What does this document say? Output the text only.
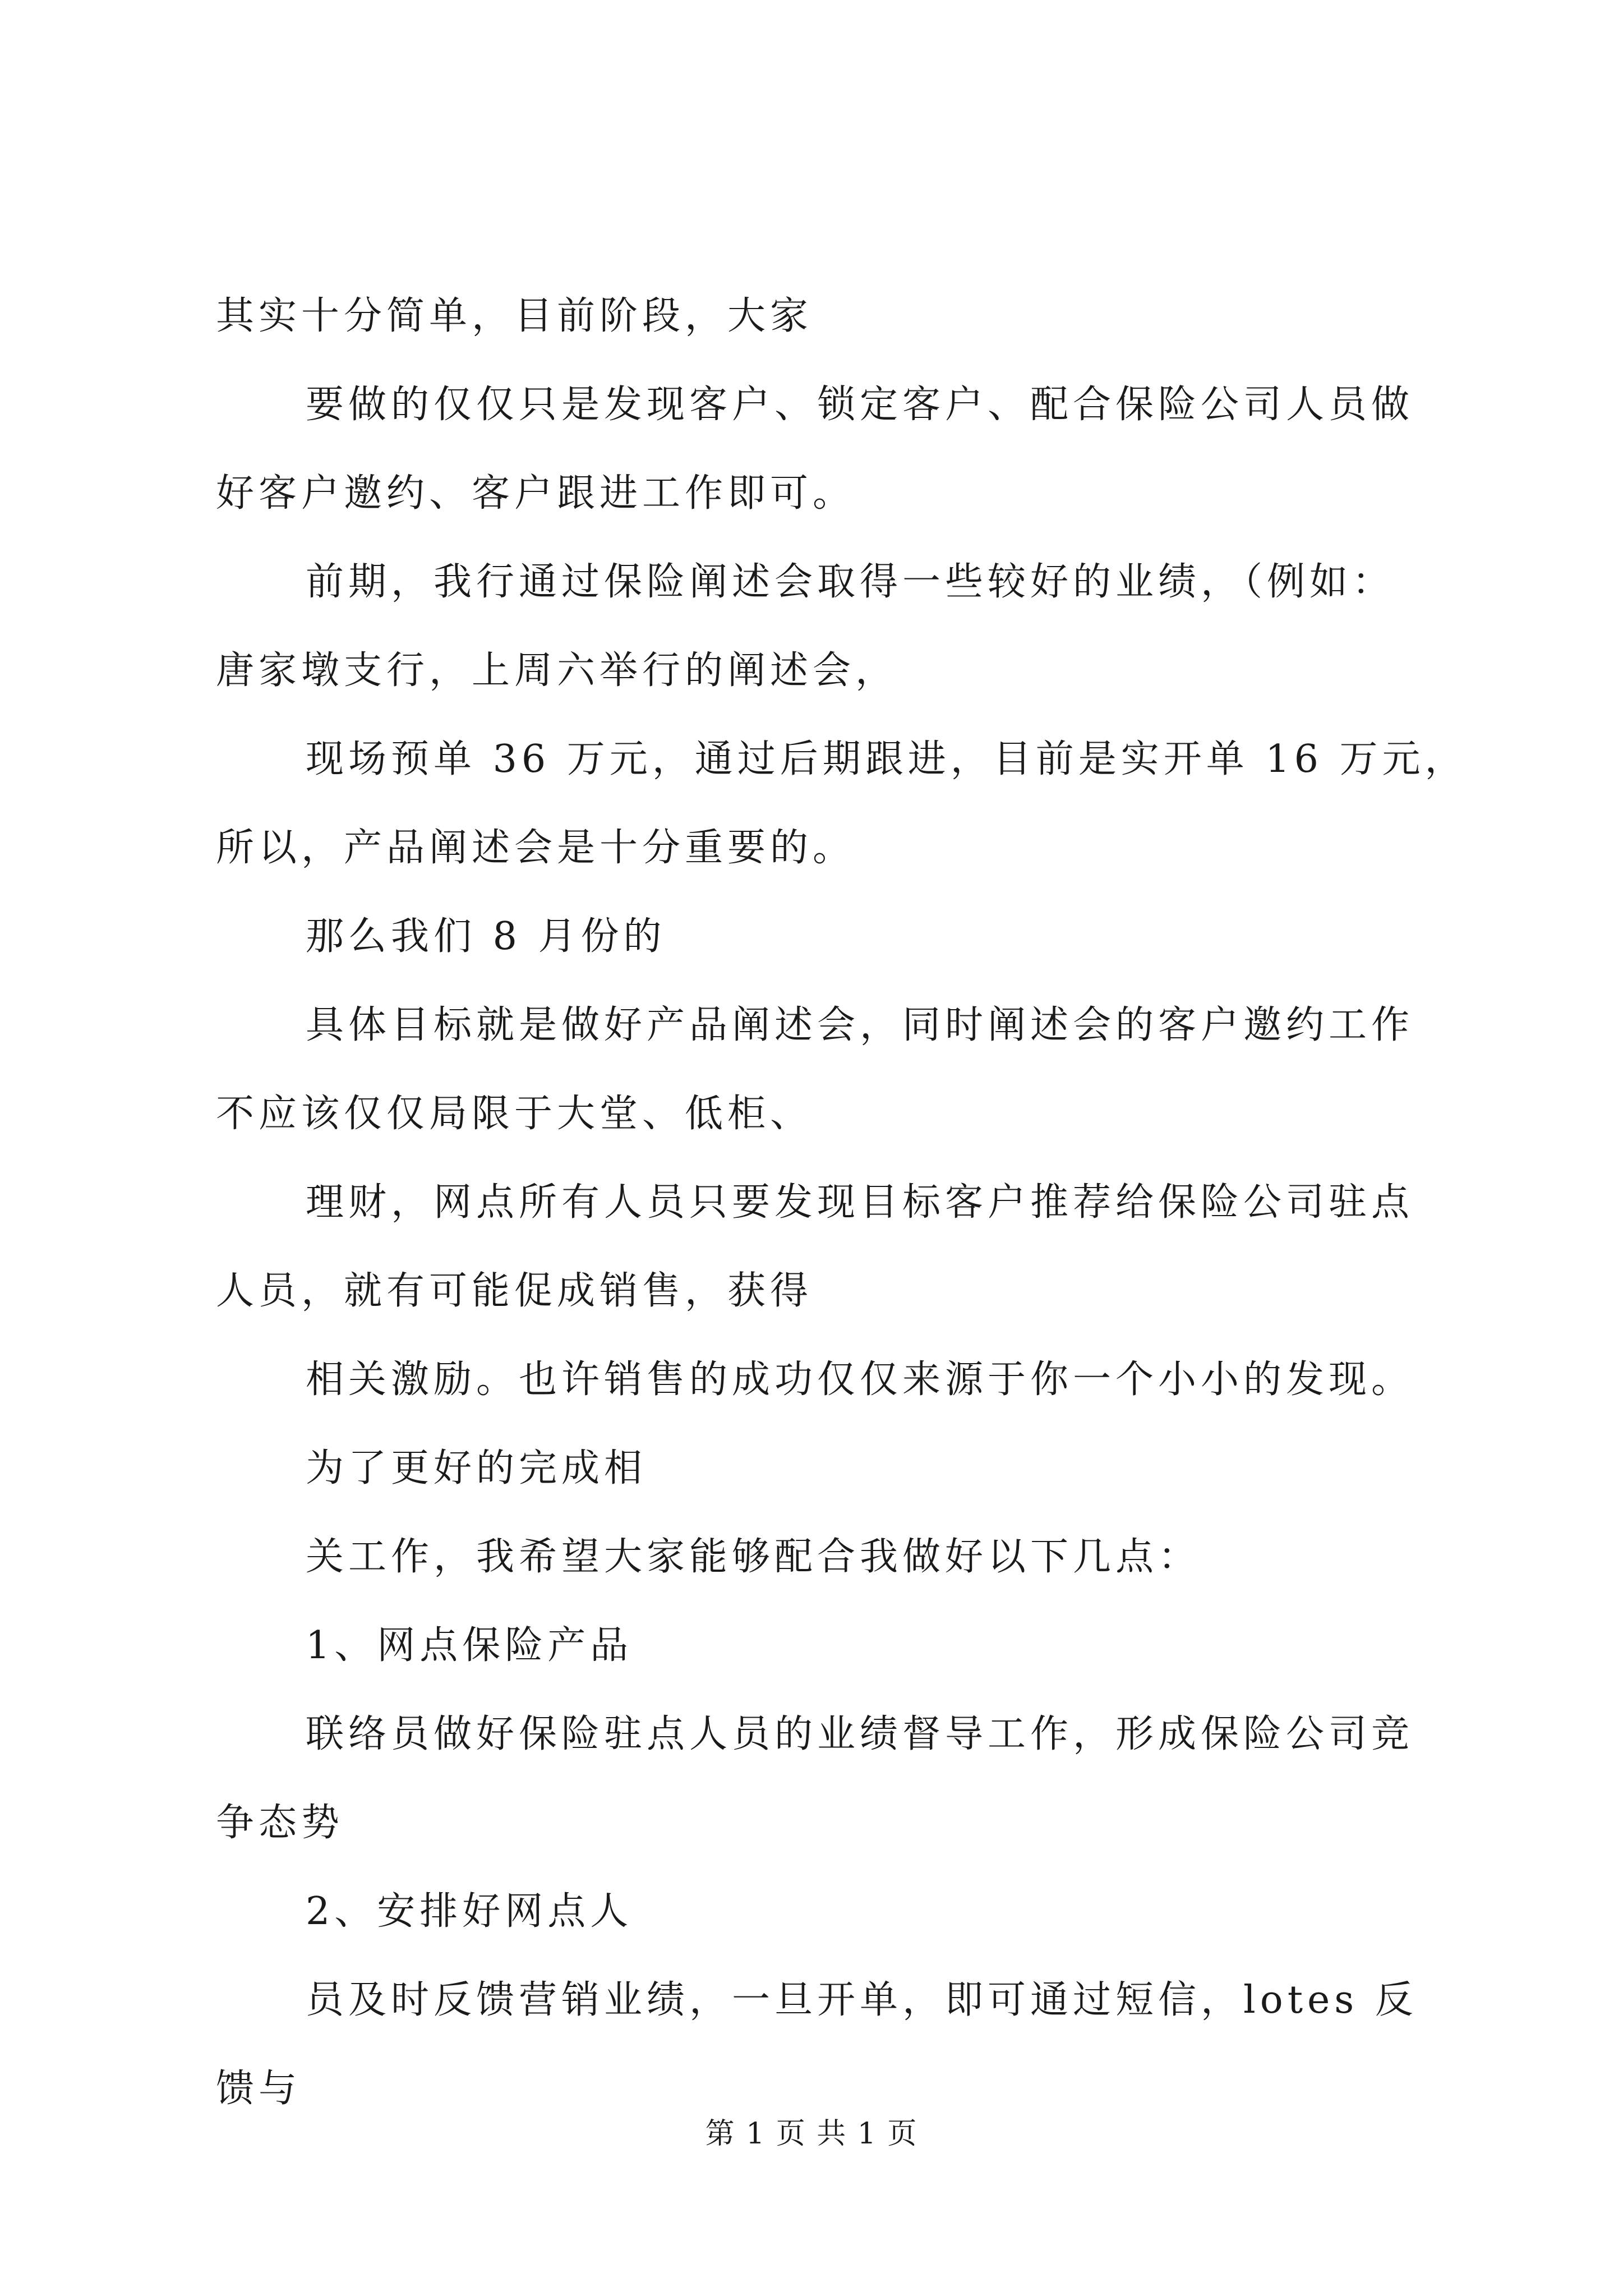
其实十分简单，目前阶段，大家
要做的仅仅只是发现客户、锁定客户、配合保险公司人员做
好客户邀约、客户跟进工作即可。
前期，我行通过保险阐述会取得一些较好的业绩，（例如：
唐家墩支行，上周六举行的阐述会，
现场预单 36 万元，通过后期跟进，目前是实开单 16 万元，
所以，产品阐述会是十分重要的。
那么我们 8 月份的
具体目标就是做好产品阐述会，同时阐述会的客户邀约工作
不应该仅仅局限于大堂、低柜、
理财，网点所有人员只要发现目标客户推荐给保险公司驻点
人员，就有可能促成销售，获得
相关激励。也许销售的成功仅仅来源于你一个小小的发现。
为了更好的完成相
关工作，我希望大家能够配合我做好以下几点：
1、网点保险产品
联络员做好保险驻点人员的业绩督导工作，形成保险公司竞
争态势
2、安排好网点人
员及时反馈营销业绩，一旦开单，即可通过短信，lotes 反
馈与
第 1 页 共 1 页
